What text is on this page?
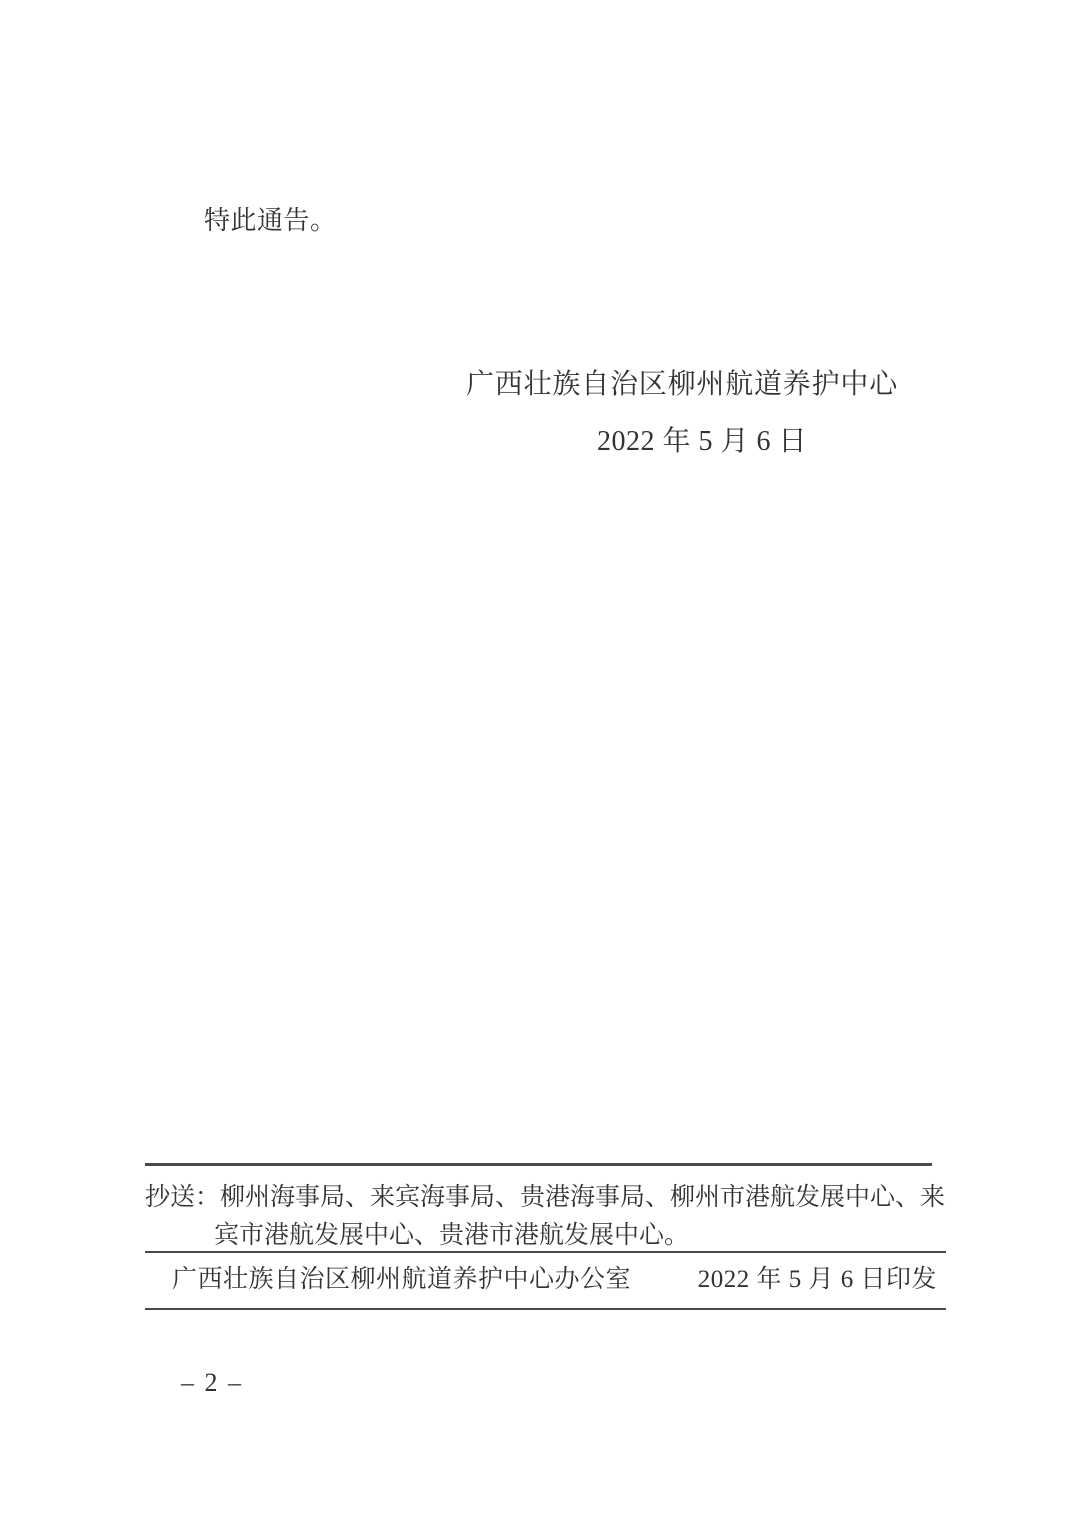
特此通告。
广西壮族自治区柳州航道养护中心
2022 年 5 月 6 日
抄送：柳州海事局、来宾海事局、贵港海事局、柳州市港航发展中心、来
宾市港航发展中心、贵港市港航发展中心。
广西壮族自治区柳州航道养护中心办公室	2022 年 5 月 6 日印发
– 2 –
